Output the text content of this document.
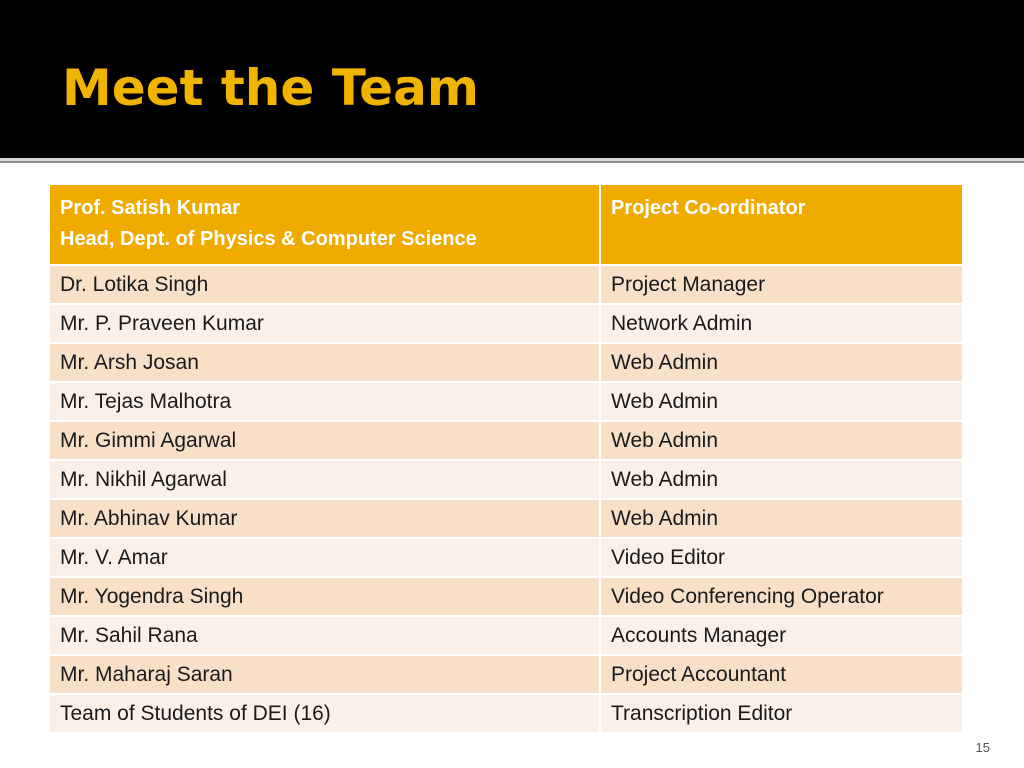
Meet the Team
Prof. Satish Kumar
Head, Dept. of Physics & Computer Science	Project Co-ordinator
Dr. Lotika Singh	Project Manager
Mr. P. Praveen Kumar	Network Admin
Mr. Arsh Josan	Web Admin
Mr. Tejas Malhotra	Web Admin
Mr. Gimmi Agarwal	Web Admin
Mr. Nikhil Agarwal	Web Admin
Mr. Abhinav Kumar	Web Admin
Mr. V. Amar	Video Editor
Mr. Yogendra Singh	Video Conferencing Operator
Mr. Sahil Rana	Accounts Manager
Mr. Maharaj Saran	Project Accountant
Team of Students of DEI (16)	Transcription Editor
15
